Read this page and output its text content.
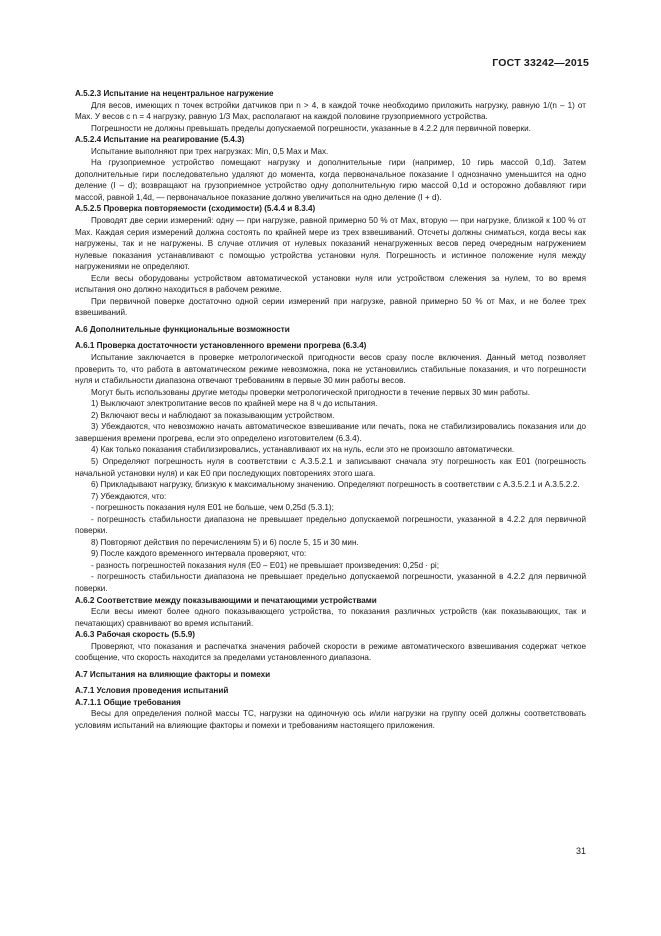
ГОСТ 33242—2015

А.5.2.3 Испытание на нецентральное нагружение

Для весов, имеющих n точек встройки датчиков при n > 4, в каждой точке необходимо приложить нагрузку, равную 1/(n – 1) от Max. У весов с n = 4 нагрузку, равную 1/3 Max, располагают на каждой половине грузоприемного устройства.

Погрешности не должны превышать пределы допускаемой погрешности, указанные в 4.2.2 для первичной поверки.

А.5.2.4 Испытание на реагирование (5.4.3)

Испытание выполняют при трех нагрузках: Min, 0,5 Max и Max.

На грузоприемное устройство помещают нагрузку и дополнительные гири (например, 10 гирь массой 0,1d). Затем дополнительные гири последовательно удаляют до момента, когда первоначальное показание I однозначно уменьшится на одно деление (I – d); возвращают на грузоприемное устройство одну дополнительную гирю массой 0,1d и осторожно добавляют гири массой, равной 1,4d, — первоначальное показание должно увеличиться на одно деление (I + d).

А.5.2.5 Проверка повторяемости (сходимости) (5.4.4 и 8.3.4)

Проводят две серии измерений: одну — при нагрузке, равной примерно 50 % от Max, вторую — при нагрузке, близкой к 100 % от Max. Каждая серия измерений должна состоять по крайней мере из трех взвешиваний. Отсчеты должны сниматься, когда весы как нагружены, так и не нагружены. В случае отличия от нулевых показаний ненагруженных весов перед очередным нагружением нулевые показания устанавливают с помощью устройства установки нуля. Погрешность и истинное положение нуля между нагружениями не определяют.

Если весы оборудованы устройством автоматической установки нуля или устройством слежения за нулем, то во время испытания оно должно находиться в рабочем режиме.

При первичной поверке достаточно одной серии измерений при нагрузке, равной примерно 50 % от Max, и не более трех взвешиваний.

А.6 Дополнительные функциональные возможности

А.6.1 Проверка достаточности установленного времени прогрева (6.3.4)

Испытание заключается в проверке метрологической пригодности весов сразу после включения. Данный метод позволяет проверить то, что работа в автоматическом режиме невозможна, пока не установились стабильные показания, и что погрешности нуля и стабильности диапазона отвечают требованиям в первые 30 мин работы весов.

Могут быть использованы другие методы проверки метрологической пригодности в течение первых 30 мин работы.

1) Выключают электропитание весов по крайней мере на 8 ч до испытания.

2) Включают весы и наблюдают за показывающим устройством.

3) Убеждаются, что невозможно начать автоматическое взвешивание или печать, пока не стабилизировались показания или до завершения времени прогрева, если это определено изготовителем (6.3.4).

4) Как только показания стабилизировались, устанавливают их на нуль, если это не произошло автоматически.

5) Определяют погрешность нуля в соответствии с А.3.5.2.1 и записывают сначала эту погрешность как E01 (погрешность начальной установки нуля) и как E0 при последующих повторениях этого шага.

6) Прикладывают нагрузку, близкую к максимальному значению. Определяют погрешность в соответствии с А.3.5.2.1 и А.3.5.2.2.

7) Убеждаются, что:

- погрешность показания нуля E01 не больше, чем 0,25d (5.3.1);

- погрешность стабильности диапазона не превышает предельно допускаемой погрешности, указанной в 4.2.2 для первичной поверки.

8) Повторяют действия по перечислениям 5) и 6) после 5, 15 и 30 мин.

9) После каждого временного интервала проверяют, что:

- разность погрешностей показания нуля (E0 – E01) не превышает произведения: 0,25d · pi;

- погрешность стабильности диапазона не превышает предельно допускаемой погрешности, указанной в 4.2.2 для первичной поверки.

А.6.2 Соответствие между показывающими и печатающими устройствами

Если весы имеют более одного показывающего устройства, то показания различных устройств (как показывающих, так и печатающих) сравнивают во время испытаний.

А.6.3 Рабочая скорость (5.5.9)

Проверяют, что показания и распечатка значения рабочей скорости в режиме автоматического взвешивания содержат четкое сообщение, что скорость находится за пределами установленного диапазона.

А.7 Испытания на влияющие факторы и помехи

А.7.1 Условия проведения испытаний

А.7.1.1 Общие требования

Весы для определения полной массы ТС, нагрузки на одиночную ось и/или нагрузки на группу осей должны соответствовать условиям испытаний на влияющие факторы и помехи и требованиям настоящего приложения.

31
